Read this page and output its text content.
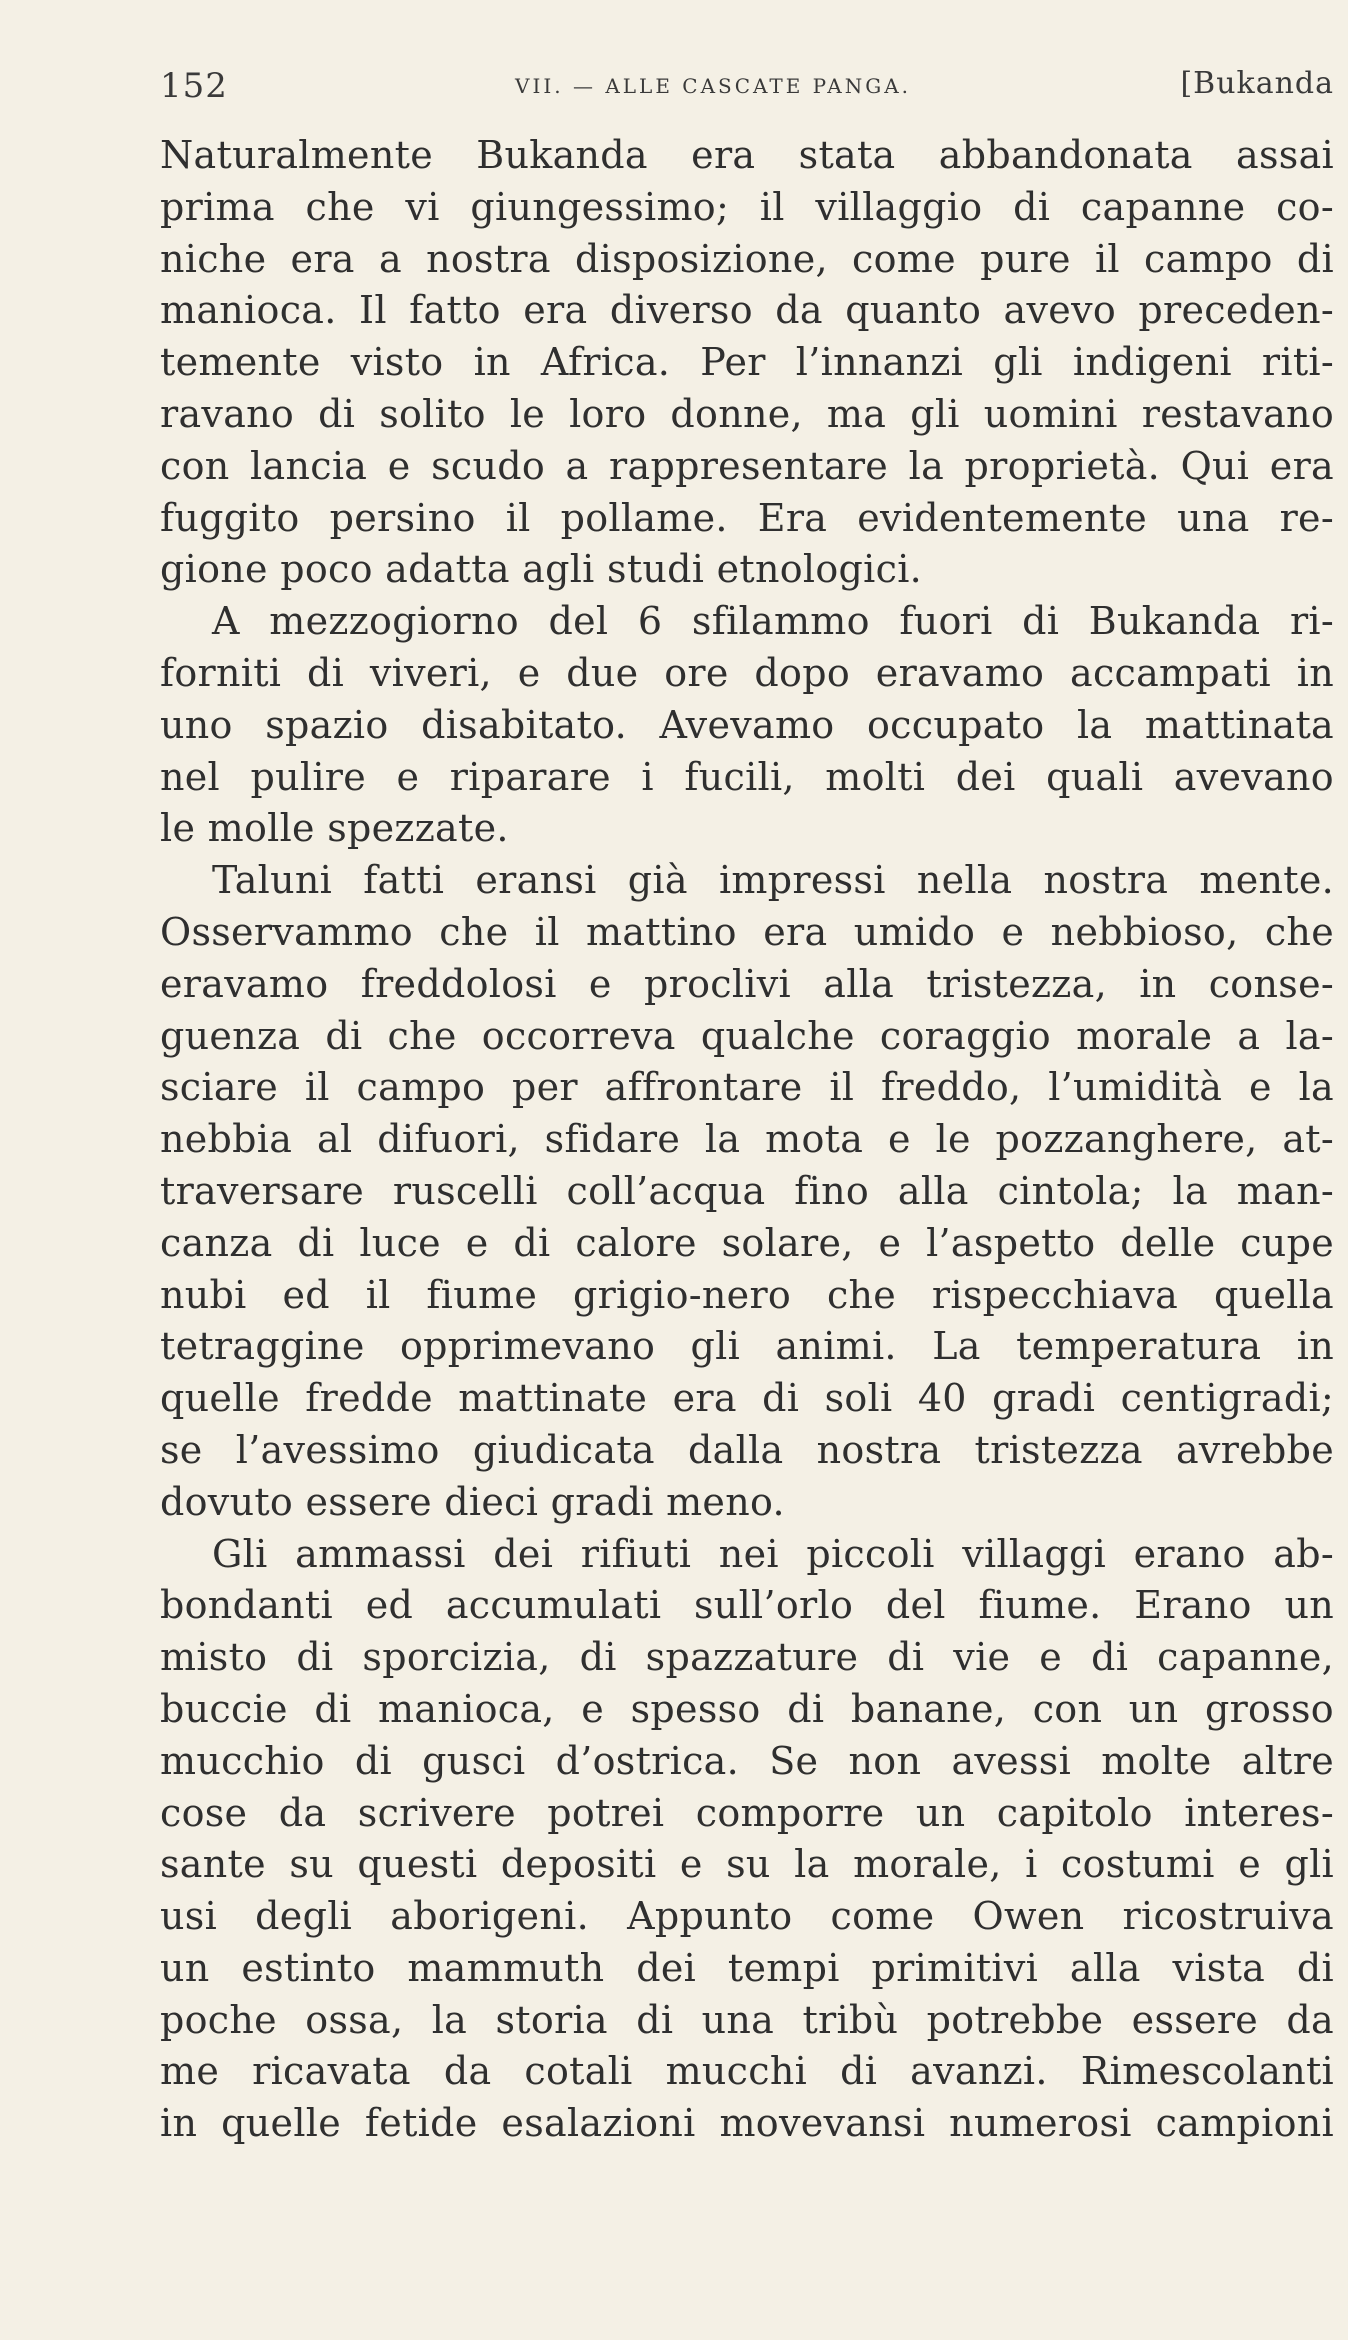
152	VII. — ALLE CASCATE PANGA.	[Bukanda
Naturalmente Bukanda era stata abbandonata assai
prima che vi giungessimo; il villaggio di capanne co-
niche era a nostra disposizione, come pure il campo di
manioca. Il fatto era diverso da quanto avevo preceden-
temente visto in Africa. Per l’innanzi gli indigeni riti-
ravano di solito le loro donne, ma gli uomini restavano
con lancia e scudo a rappresentare la proprietà. Qui era
fuggito persino il pollame. Era evidentemente una re-
gione poco adatta agli studi etnologici.
A mezzogiorno del 6 sfilammo fuori di Bukanda ri-
forniti di viveri, e due ore dopo eravamo accampati in
uno spazio disabitato. Avevamo occupato la mattinata
nel pulire e riparare i fucili, molti dei quali avevano
le molle spezzate.
Taluni fatti eransi già impressi nella nostra mente.
Osservammo che il mattino era umido e nebbioso, che
eravamo freddolosi e proclivi alla tristezza, in conse-
guenza di che occorreva qualche coraggio morale a la-
sciare il campo per affrontare il freddo, l’umidità e la
nebbia al difuori, sfidare la mota e le pozzanghere, at-
traversare ruscelli coll’acqua fino alla cintola; la man-
canza di luce e di calore solare, e l’aspetto delle cupe
nubi ed il fiume grigio-nero che rispecchiava quella
tetraggine opprimevano gli animi. La temperatura in
quelle fredde mattinate era di soli 40 gradi centigradi;
se l’avessimo giudicata dalla nostra tristezza avrebbe
dovuto essere dieci gradi meno.
Gli ammassi dei rifiuti nei piccoli villaggi erano ab-
bondanti ed accumulati sull’orlo del fiume. Erano un
misto di sporcizia, di spazzature di vie e di capanne,
buccie di manioca, e spesso di banane, con un grosso
mucchio di gusci d’ostrica. Se non avessi molte altre
cose da scrivere potrei comporre un capitolo interes-
sante su questi depositi e su la morale, i costumi e gli
usi degli aborigeni. Appunto come Owen ricostruiva
un estinto mammuth dei tempi primitivi alla vista di
poche ossa, la storia di una tribù potrebbe essere da
me ricavata da cotali mucchi di avanzi. Rimescolanti
in quelle fetide esalazioni movevansi numerosi campioni
